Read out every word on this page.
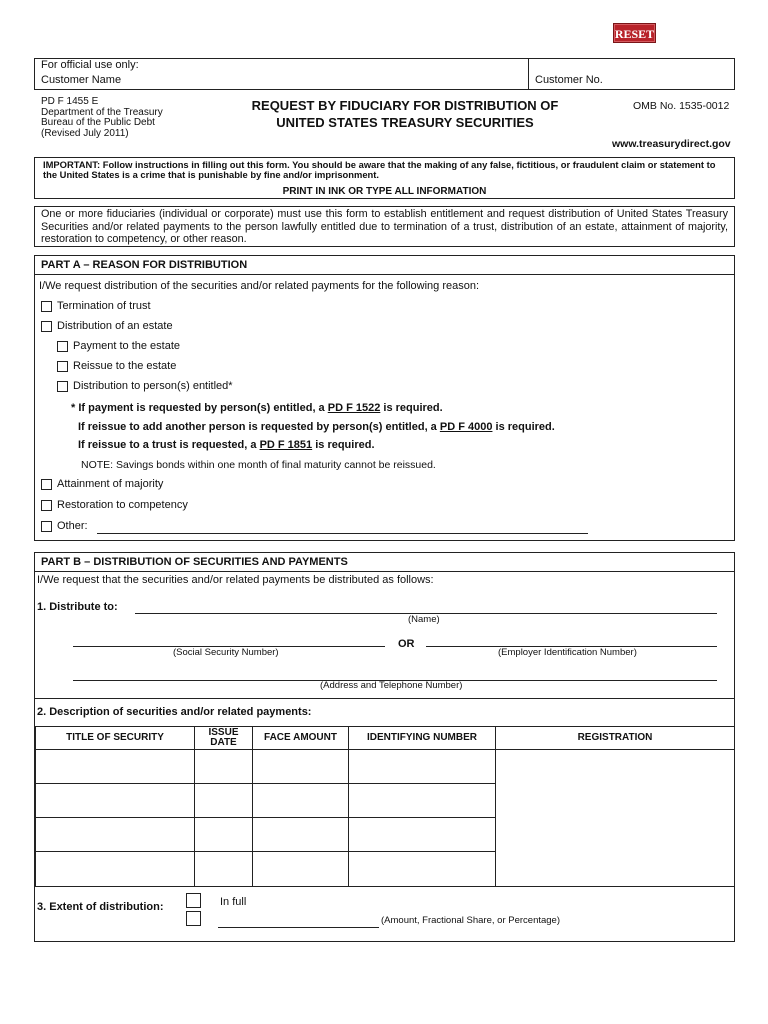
RESET
For official use only:
Customer Name	Customer No.
PD F 1455 E
Department of the Treasury
Bureau of the Public Debt
(Revised July 2011)
REQUEST BY FIDUCIARY FOR DISTRIBUTION OF
UNITED STATES TREASURY SECURITIES
OMB No. 1535-0012
www.treasurydirect.gov
IMPORTANT: Follow instructions in filling out this form. You should be aware that the making of any false, fictitious, or fraudulent claim or statement to the United States is a crime that is punishable by fine and/or imprisonment.
PRINT IN INK OR TYPE ALL INFORMATION
One or more fiduciaries (individual or corporate) must use this form to establish entitlement and request distribution of United States Treasury Securities and/or related payments to the person lawfully entitled due to termination of a trust, distribution of an estate, attainment of majority, restoration to competency, or other reason.
PART A – REASON FOR DISTRIBUTION
I/We request distribution of the securities and/or related payments for the following reason:
Termination of trust
Distribution of an estate
Payment to the estate
Reissue to the estate
Distribution to person(s) entitled*
* If payment is requested by person(s) entitled, a PD F 1522 is required.
If reissue to add another person is requested by person(s) entitled, a PD F 4000 is required.
If reissue to a trust is requested, a PD F 1851 is required.
NOTE: Savings bonds within one month of final maturity cannot be reissued.
Attainment of majority
Restoration to competency
Other:
PART B – DISTRIBUTION OF SECURITIES AND PAYMENTS
I/We request that the securities and/or related payments be distributed as follows:
1. Distribute to:
(Name)
(Social Security Number)
OR
(Employer Identification Number)
(Address and Telephone Number)
2. Description of securities and/or related payments:
TITLE OF SECURITY	ISSUE DATE	FACE AMOUNT	IDENTIFYING NUMBER	REGISTRATION
3. Extent of distribution:	In full
(Amount, Fractional Share, or Percentage)
